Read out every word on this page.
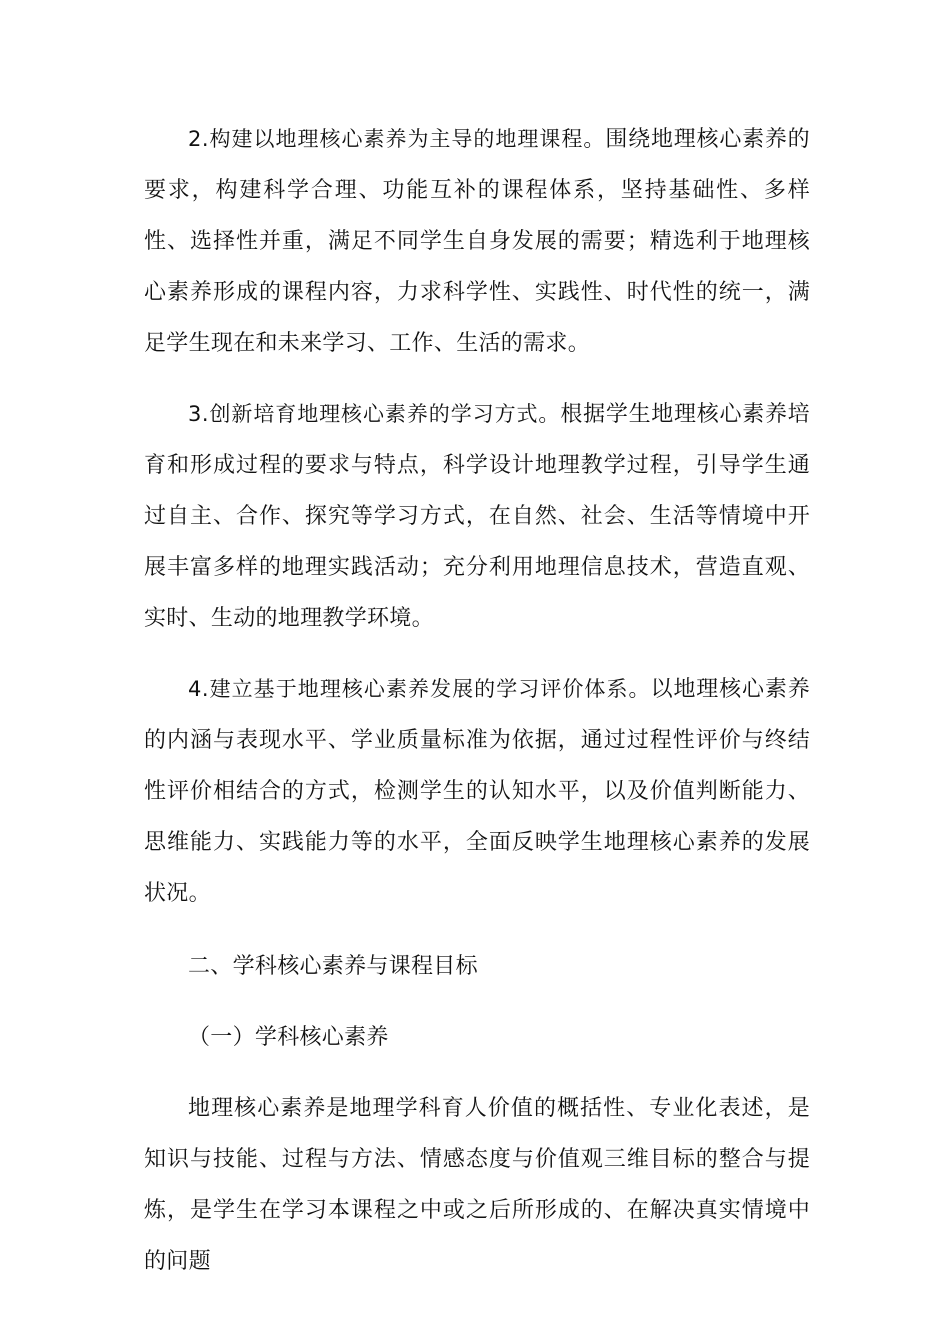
2.构建以地理核心素养为主导的地理课程。围绕地理核心素养的要求，构建科学合理、功能互补的课程体系，坚持基础性、多样性、选择性并重，满足不同学生自身发展的需要；精选利于地理核心素养形成的课程内容，力求科学性、实践性、时代性的统一，满足学生现在和未来学习、工作、生活的需求。

3.创新培育地理核心素养的学习方式。根据学生地理核心素养培育和形成过程的要求与特点，科学设计地理教学过程，引导学生通过自主、合作、探究等学习方式，在自然、社会、生活等情境中开展丰富多样的地理实践活动；充分利用地理信息技术，营造直观、实时、生动的地理教学环境。

4.建立基于地理核心素养发展的学习评价体系。以地理核心素养的内涵与表现水平、学业质量标准为依据，通过过程性评价与终结性评价相结合的方式，检测学生的认知水平，以及价值判断能力、思维能力、实践能力等的水平，全面反映学生地理核心素养的发展状况。

二、学科核心素养与课程目标

（一）学科核心素养

地理核心素养是地理学科育人价值的概括性、专业化表述，是知识与技能、过程与方法、情感态度与价值观三维目标的整合与提炼，是学生在学习本课程之中或之后所形成的、在解决真实情境中的问题
